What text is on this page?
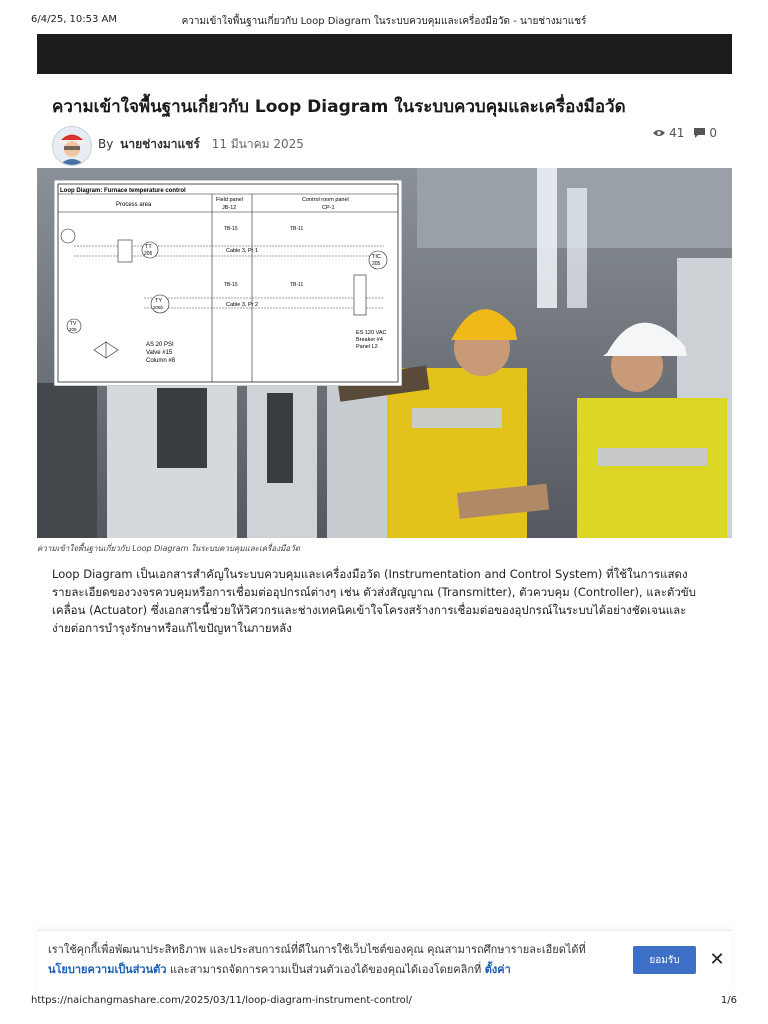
6/4/25, 10:53 AM	ความเข้าใจพื้นฐานเกี่ยวกับ Loop Diagram ในระบบควบคุมและเครื่องมือวัด - นายช่างมาแชร์
ความเข้าใจพื้นฐานเกี่ยวกับ Loop Diagram ในระบบควบคุมและเครื่องมือวัด
By นายช่างมาแชร์ 11 มีนาคม 2025
41 0
Loop Diagram: Furnace temperature control
Process area
Field panel
JB-12
Control room panel
CP-1
TB-15	TB-11
Cable 3, Pr 1
TB-15	TB-11
Cable 3, Pr 2
TT
205	TIC
205
TY
205b
TV
205
AS 20 PSI
Valve #15
Column #8
ES 120 VAC
Breaker #4
Panel L2
ความเข้าใจพื้นฐานเกี่ยวกับ Loop Diagram ในระบบควบคุมและเครื่องมือวัด

Loop Diagram เป็นเอกสารสำคัญในระบบควบคุมและเครื่องมือวัด (Instrumentation and Control System) ที่ใช้ในการแสดงรายละเอียดของวงจรควบคุมหรือการเชื่อมต่ออุปกรณ์ต่างๆ เช่น ตัวส่งสัญญาณ (Transmitter), ตัวควบคุม (Controller), และตัวขับเคลื่อน (Actuator) ซึ่งเอกสารนี้ช่วยให้วิศวกรและช่างเทคนิคเข้าใจโครงสร้างการเชื่อมต่อของอุปกรณ์ในระบบได้อย่างชัดเจนและง่ายต่อการบำรุงรักษาหรือแก้ไขปัญหาในภายหลัง

เราใช้คุกกี้เพื่อพัฒนาประสิทธิภาพ และประสบการณ์ที่ดีในการใช้เว็บไซต์ของคุณ คุณสามารถศึกษารายละเอียดได้ที่
นโยบายความเป็นส่วนตัว และสามารถจัดการความเป็นส่วนตัวเองได้ของคุณได้เองโดยคลิกที่ ตั้งค่า
ยอมรับ	✕
https://naichangmashare.com/2025/03/11/loop-diagram-instrument-control/	1/6
